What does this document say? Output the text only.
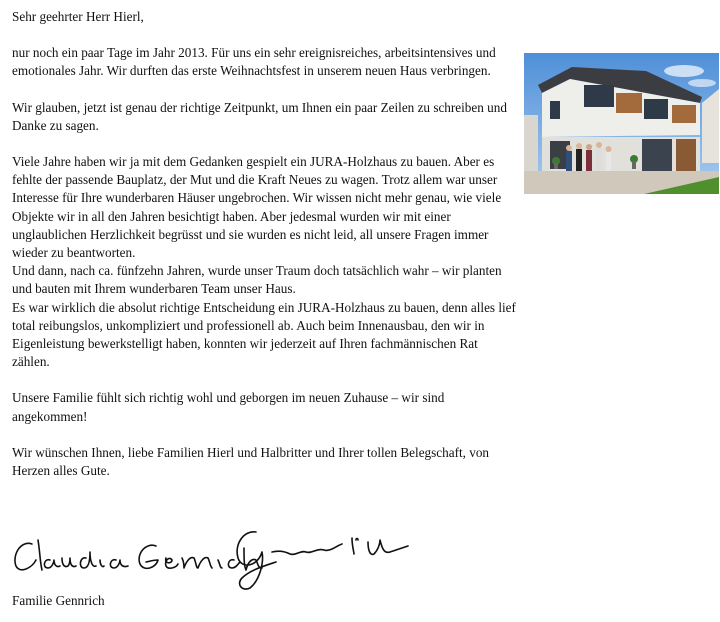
Sehr geehrter Herr Hierl,

nur noch ein paar Tage im Jahr 2013. Für uns ein sehr ereignisreiches, arbeitsintensives und emotionales Jahr. Wir durften das erste Weihnachtsfest in unserem neuen Haus verbringen.

Wir glauben, jetzt ist genau der richtige Zeitpunkt, um Ihnen ein paar Zeilen zu schreiben und Danke zu sagen.

Viele Jahre haben wir ja mit dem Gedanken gespielt ein JURA-Holzhaus zu bauen. Aber es fehlte der passende Bauplatz, der Mut und die Kraft Neues zu wagen. Trotz allem war unser Interesse für Ihre wunderbaren Häuser ungebrochen. Wir wissen nicht mehr genau, wie viele Objekte wir in all den Jahren besichtigt haben. Aber jedesmal wurden wir mit einer unglaublichen Herzlichkeit begrüsst und sie wurden es nicht leid, all unsere Fragen immer wieder zu beantworten.

Und dann, nach ca. fünfzehn Jahren, wurde unser Traum doch tatsächlich wahr – wir planten und bauten mit Ihrem wunderbaren Team unser Haus.

Es war wirklich die absolut richtige Entscheidung ein JURA-Holzhaus zu bauen, denn alles lief total reibungslos, unkompliziert und professionell ab. Auch beim Innenausbau, den wir in Eigenleistung bewerkstelligt haben, konnten wir jederzeit auf Ihren fachmännischen Rat zählen.

Unsere Familie fühlt sich richtig wohl und geborgen im neuen Zuhause – wir sind angekommen!

Wir wünschen Ihnen, liebe Familien Hierl und Halbritter und Ihrer tollen Belegschaft, von Herzen alles Gute.

Familie Gennrich
